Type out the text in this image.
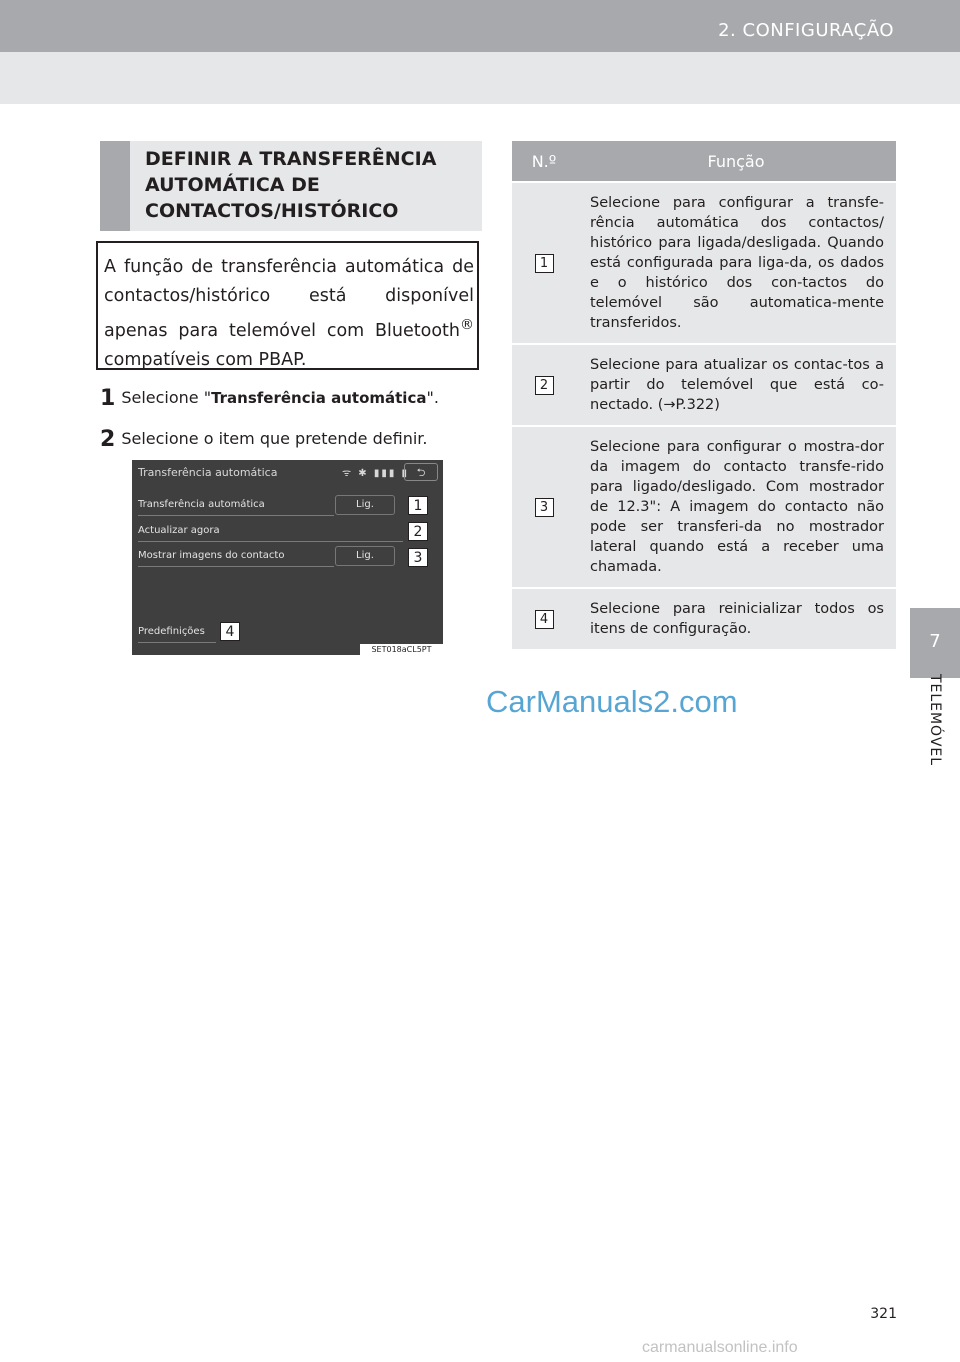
2. CONFIGURAÇÃO
7
TELEMÓVEL
DEFINIR A TRANSFERÊNCIA AUTOMÁTICA DE CONTACTOS/HISTÓRICO
A função de transferência automática de contactos/histórico está disponível apenas para telemóvel com Bluetooth® compatíveis com PBAP.
1 Selecione "Transferência automática".
2 Selecione o item que pretende definir.
Transferência automática	ᯤ ✱ ▮▮▮ ▮ ⮌
Transferência automática	Lig.	1
Actualizar agora	2
Mostrar imagens do contacto	Lig.	3
Predefinições	4
SET018aCL5PT
N.º	Função
1	Selecione para configurar a transfe-rência automática dos contactos/ histórico para ligada/desligada. Quando está configurada para liga-da, os dados e o histórico dos con-tactos do telemóvel são automatica-mente transferidos.
2	Selecione para atualizar os contac-tos a partir do telemóvel que está co-nectado. (→P.322)
3	Selecione para configurar o mostra-dor da imagem do contacto transfe-rido para ligado/desligado. Com mostrador de 12.3": A imagem do contacto não pode ser transferi-da no mostrador lateral quando está a receber uma chamada.
4	Selecione para reinicializar todos os itens de configuração.
CarManuals2.com
321
carmanualsonline.info
